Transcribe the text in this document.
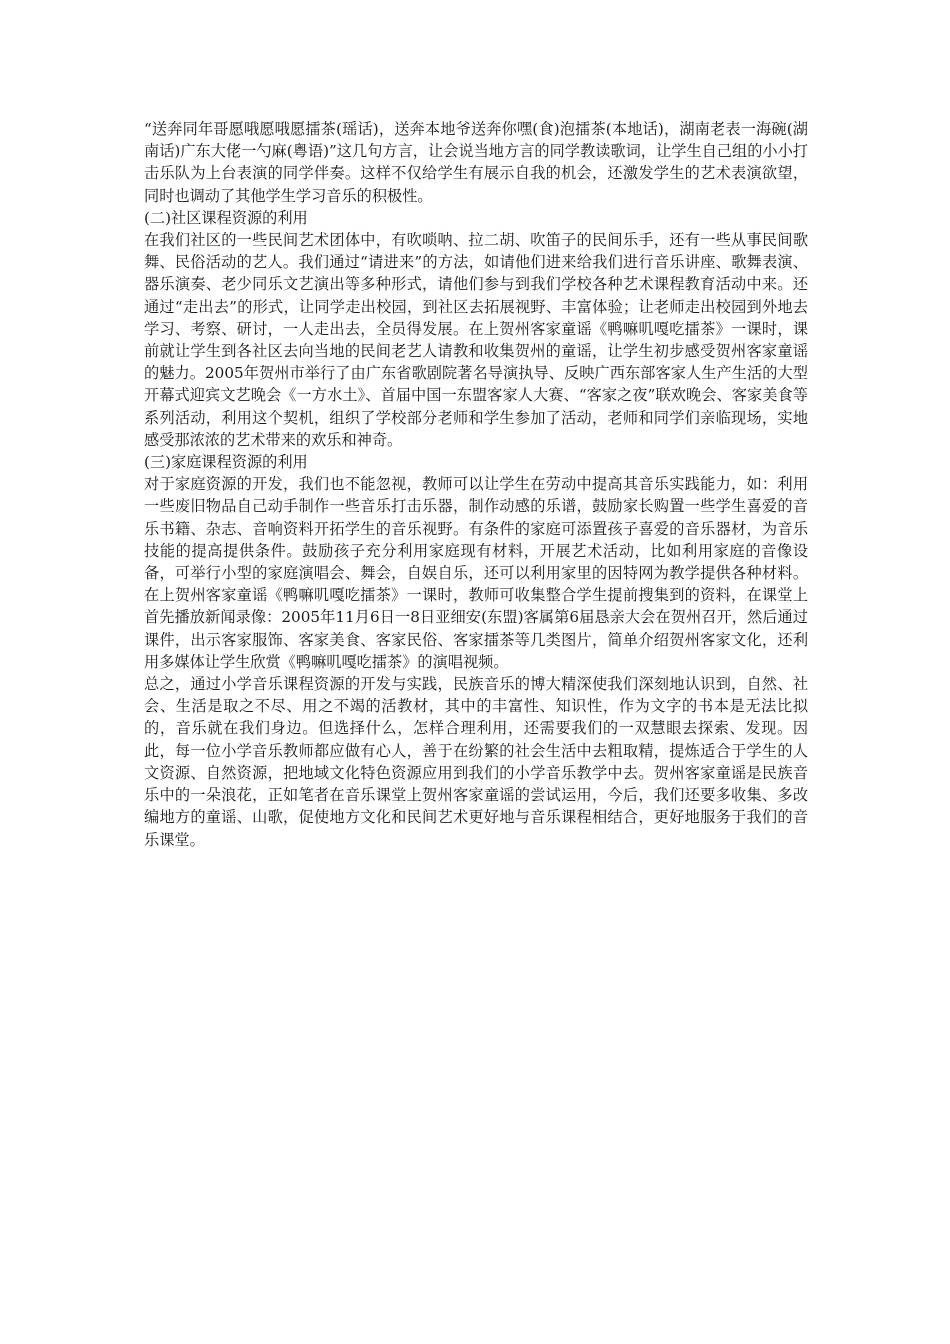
“送奔同年哥愿哦愿哦愿擂茶(瑶话)，送奔本地爷送奔你嘿(食)泡擂茶(本地话)，湖南老表一海碗(湖南话)广东大佬一勺麻(粤语)”这几句方言，让会说当地方言的同学教读歌词，让学生自己组的小小打击乐队为上台表演的同学伴奏。这样不仅给学生有展示自我的机会，还激发学生的艺术表演欲望，同时也调动了其他学生学习音乐的积极性。

(二)社区课程资源的利用

在我们社区的一些民间艺术团体中，有吹唢呐、拉二胡、吹笛子的民间乐手，还有一些从事民间歌舞、民俗活动的艺人。我们通过“请进来”的方法，如请他们进来给我们进行音乐讲座、歌舞表演、器乐演奏、老少同乐文艺演出等多种形式，请他们参与到我们学校各种艺术课程教育活动中来。还通过“走出去”的形式，让同学走出校园，到社区去拓展视野、丰富体验；让老师走出校园到外地去学习、考察、研讨，一人走出去，全员得发展。在上贺州客家童谣《鸭嘛叽嘎吃擂茶》一课时，课前就让学生到各社区去向当地的民间老艺人请教和收集贺州的童谣，让学生初步感受贺州客家童谣的魅力。2005年贺州市举行了由广东省歌剧院著名导演执导、反映广西东部客家人生产生活的大型开幕式迎宾文艺晚会《一方水土》、首届中国一东盟客家人大赛、“客家之夜”联欢晚会、客家美食等系列活动，利用这个契机，组织了学校部分老师和学生参加了活动，老师和同学们亲临现场，实地感受那浓浓的艺术带来的欢乐和神奇。

(三)家庭课程资源的利用

对于家庭资源的开发，我们也不能忽视，教师可以让学生在劳动中提高其音乐实践能力，如：利用一些废旧物品自己动手制作一些音乐打击乐器，制作动感的乐谱，鼓励家长购置一些学生喜爱的音乐书籍、杂志、音响资料开拓学生的音乐视野。有条件的家庭可添置孩子喜爱的音乐器材，为音乐技能的提高提供条件。鼓励孩子充分利用家庭现有材料，开展艺术活动，比如利用家庭的音像设备，可举行小型的家庭演唱会、舞会，自娱自乐，还可以利用家里的因特网为教学提供各种材料。在上贺州客家童谣《鸭嘛叽嘎吃擂茶》一课时，教师可收集整合学生提前搜集到的资料，在课堂上首先播放新闻录像：2005年11月6日一8日亚细安(东盟)客属第6届恳亲大会在贺州召开，然后通过课件，出示客家服饰、客家美食、客家民俗、客家擂茶等几类图片，简单介绍贺州客家文化，还利用多媒体让学生欣赏《鸭嘛叽嘎吃擂茶》的演唱视频。

总之，通过小学音乐课程资源的开发与实践，民族音乐的博大精深使我们深刻地认识到，自然、社会、生活是取之不尽、用之不竭的活教材，其中的丰富性、知识性，作为文字的书本是无法比拟的，音乐就在我们身边。但选择什么，怎样合理利用，还需要我们的一双慧眼去探索、发现。因此，每一位小学音乐教师都应做有心人，善于在纷繁的社会生活中去粗取精，提炼适合于学生的人文资源、自然资源，把地域文化特色资源应用到我们的小学音乐教学中去。贺州客家童谣是民族音乐中的一朵浪花，正如笔者在音乐课堂上贺州客家童谣的尝试运用，今后，我们还要多收集、多改编地方的童谣、山歌，促使地方文化和民间艺术更好地与音乐课程相结合，更好地服务于我们的音乐课堂。
